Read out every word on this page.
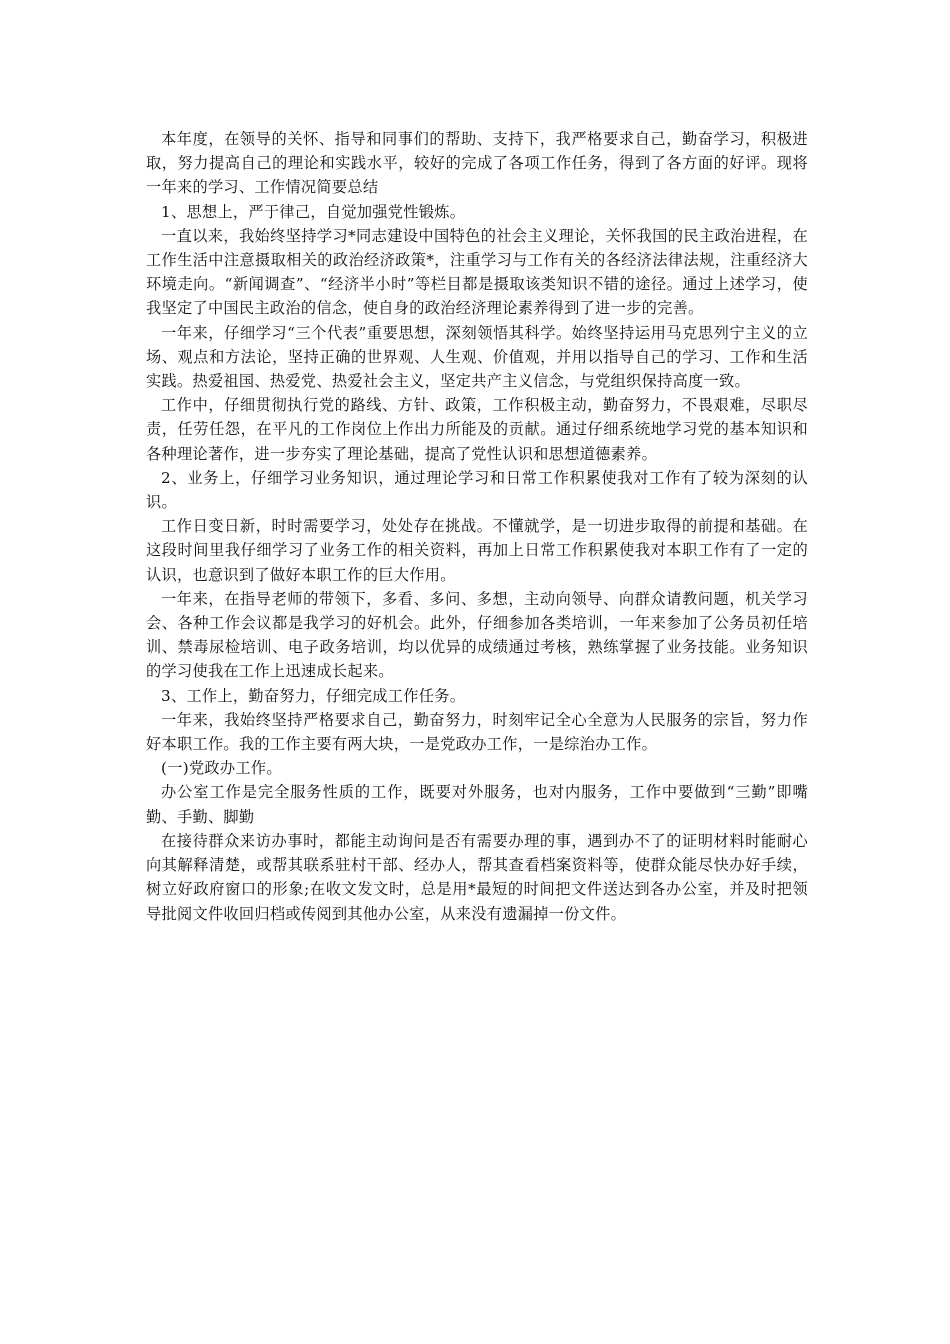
本年度，在领导的关怀、指导和同事们的帮助、支持下，我严格要求自己，勤奋学习，积极进取，努力提高自己的理论和实践水平，较好的完成了各项工作任务，得到了各方面的好评。现将一年来的学习、工作情况简要总结

1、思想上，严于律己，自觉加强党性锻炼。

一直以来，我始终坚持学习*同志建设中国特色的社会主义理论，关怀我国的民主政治进程，在工作生活中注意摄取相关的政治经济政策*，注重学习与工作有关的各经济法律法规，注重经济大环境走向。“新闻调查”、“经济半小时”等栏目都是摄取该类知识不错的途径。通过上述学习，使我坚定了中国民主政治的信念，使自身的政治经济理论素养得到了进一步的完善。

一年来，仔细学习“三个代表”重要思想，深刻领悟其科学。始终坚持运用马克思列宁主义的立场、观点和方法论，坚持正确的世界观、人生观、价值观，并用以指导自己的学习、工作和生活实践。热爱祖国、热爱党、热爱社会主义，坚定共产主义信念，与党组织保持高度一致。

工作中，仔细贯彻执行党的路线、方针、政策，工作积极主动，勤奋努力，不畏艰难，尽职尽责，任劳任怨，在平凡的工作岗位上作出力所能及的贡献。通过仔细系统地学习党的基本知识和各种理论著作，进一步夯实了理论基础，提高了党性认识和思想道德素养。

2、业务上，仔细学习业务知识，通过理论学习和日常工作积累使我对工作有了较为深刻的认识。

工作日变日新，时时需要学习，处处存在挑战。不懂就学，是一切进步取得的前提和基础。在这段时间里我仔细学习了业务工作的相关资料，再加上日常工作积累使我对本职工作有了一定的认识，也意识到了做好本职工作的巨大作用。

一年来，在指导老师的带领下，多看、多问、多想，主动向领导、向群众请教问题，机关学习会、各种工作会议都是我学习的好机会。此外，仔细参加各类培训，一年来参加了公务员初任培训、禁毒尿检培训、电子政务培训，均以优异的成绩通过考核，熟练掌握了业务技能。业务知识的学习使我在工作上迅速成长起来。

3、工作上，勤奋努力，仔细完成工作任务。

一年来，我始终坚持严格要求自己，勤奋努力，时刻牢记全心全意为人民服务的宗旨，努力作好本职工作。我的工作主要有两大块，一是党政办工作，一是综治办工作。

(一)党政办工作。

办公室工作是完全服务性质的工作，既要对外服务，也对内服务，工作中要做到“三勤”即嘴勤、手勤、脚勤

在接待群众来访办事时，都能主动询问是否有需要办理的事，遇到办不了的证明材料时能耐心向其解释清楚，或帮其联系驻村干部、经办人，帮其查看档案资料等，使群众能尽快办好手续，树立好政府窗口的形象;在收文发文时，总是用*最短的时间把文件送达到各办公室，并及时把领导批阅文件收回归档或传阅到其他办公室，从来没有遗漏掉一份文件。
